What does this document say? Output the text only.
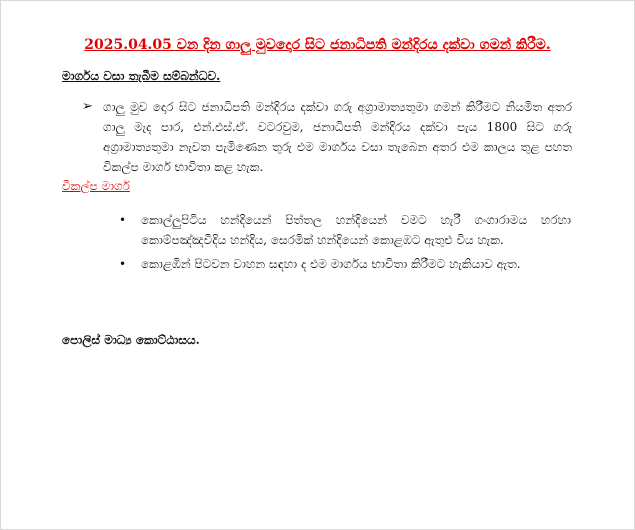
2025.04.05 වන දින ගාලු මුවදොර සිට ජනාධිපති මන්දිරය දක්වා ගමන් කිරීම.

මාර්ගය වසා තැබීම සම්බන්ධව.

➢ ගාලු මුව දොර සිට ජනාධිපති මන්දිරය දක්වා ගරු අග්‍රාමාත්‍යතුමා ගමන් කිරීමට නියමිත අතර ගාලු මැද පාර, එන්.එස්.ඒ. වටරවුම, ජනාධිපති මන්දිරය දක්වා පැය 1800 සිට ගරු අග්‍රාමාත්‍යතුමා නැවත පැමිණෙන තුරු එම මාර්ගය වසා තැබෙන අතර එම කාලය තුළ පහත විකල්ප මාර්ග භාවිතා කළ හැක.

විකල්ප මාර්ග

• කොල්ලුපිටිය හන්දියෙන් පිත්තල හන්දියෙන් වමට හැරී ගංගාරාමය හරහා කොම්පඤ්ඤවීදිය හන්දිය, සෙරමික් හන්දියෙන් කොළඹට ඇතුළු විය හැක.
• කොළඹින් පිටවන වාහන සඳහා ද එම මාර්ගය භාවිතා කිරීමට හැකියාව ඇත.

පොලිස් මාධ්‍ය කොට්ඨාසය.
